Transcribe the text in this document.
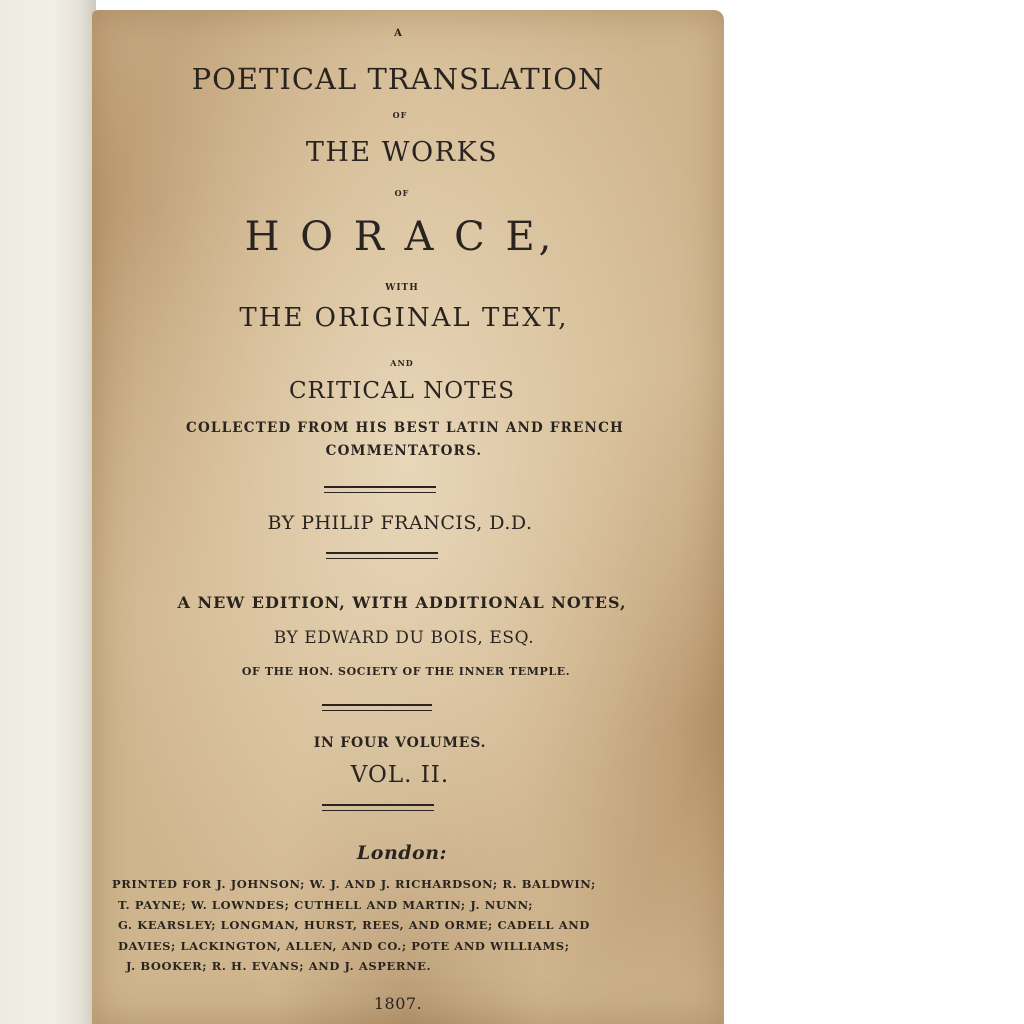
A
POETICAL TRANSLATION
OF
THE WORKS
OF
H O R A C E,
WITH
THE ORIGINAL TEXT,
AND
CRITICAL NOTES
COLLECTED FROM HIS BEST LATIN AND FRENCH
COMMENTATORS.
BY PHILIP FRANCIS, D.D.
A NEW EDITION, WITH ADDITIONAL NOTES,
BY EDWARD DU BOIS, ESQ.
OF THE HON. SOCIETY OF THE INNER TEMPLE.
IN FOUR VOLUMES.
VOL. II.
London:
PRINTED FOR J. JOHNSON; W. J. AND J. RICHARDSON; R. BALDWIN;
T. PAYNE; W. LOWNDES; CUTHELL AND MARTIN; J. NUNN;
G. KEARSLEY; LONGMAN, HURST, REES, AND ORME; CADELL AND
DAVIES; LACKINGTON, ALLEN, AND CO.; POTE AND WILLIAMS;
J. BOOKER; R. H. EVANS; AND J. ASPERNE.
1807.
